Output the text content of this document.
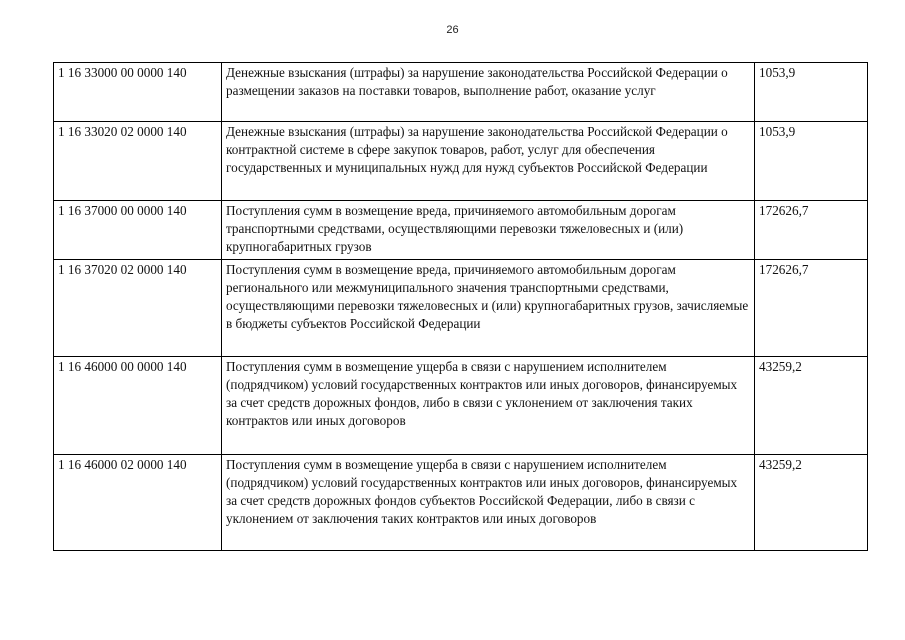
26
1 16 33000 00 0000 140	Денежные взыскания (штрафы) за нарушение законодательства Российской Федерации о размещении заказов на поставки товаров, выполнение работ, оказание услуг	1053,9
1 16 33020 02 0000 140	Денежные взыскания (штрафы) за нарушение законодательства Российской Федерации о контрактной системе в сфере закупок товаров, работ, услуг для обеспечения государственных и муниципальных нужд для нужд субъектов Российской Федерации	1053,9
1 16 37000 00 0000 140	Поступления сумм в возмещение вреда, причиняемого автомобильным дорогам транспортными средствами, осуществляющими перевозки тяжеловесных и (или) крупногабаритных грузов	172626,7
1 16 37020 02 0000 140	Поступления сумм в возмещение вреда, причиняемого автомобильным дорогам регионального или межмуниципального значения транспортными средствами, осуществляющими перевозки тяжеловесных и (или) крупногабаритных грузов, зачисляемые в бюджеты субъектов Российской Федерации	172626,7
1 16 46000 00 0000 140	Поступления сумм в возмещение ущерба в связи с нарушением исполнителем (подрядчиком) условий государственных контрактов или иных договоров, финансируемых за счет средств дорожных фондов, либо в связи с уклонением от заключения таких контрактов или иных договоров	43259,2
1 16 46000 02 0000 140	Поступления сумм в возмещение ущерба в связи с нарушением исполнителем (подрядчиком) условий государственных контрактов или иных договоров, финансируемых за счет средств дорожных фондов субъектов Российской Федерации, либо в связи с уклонением от заключения таких контрактов или иных договоров	43259,2
